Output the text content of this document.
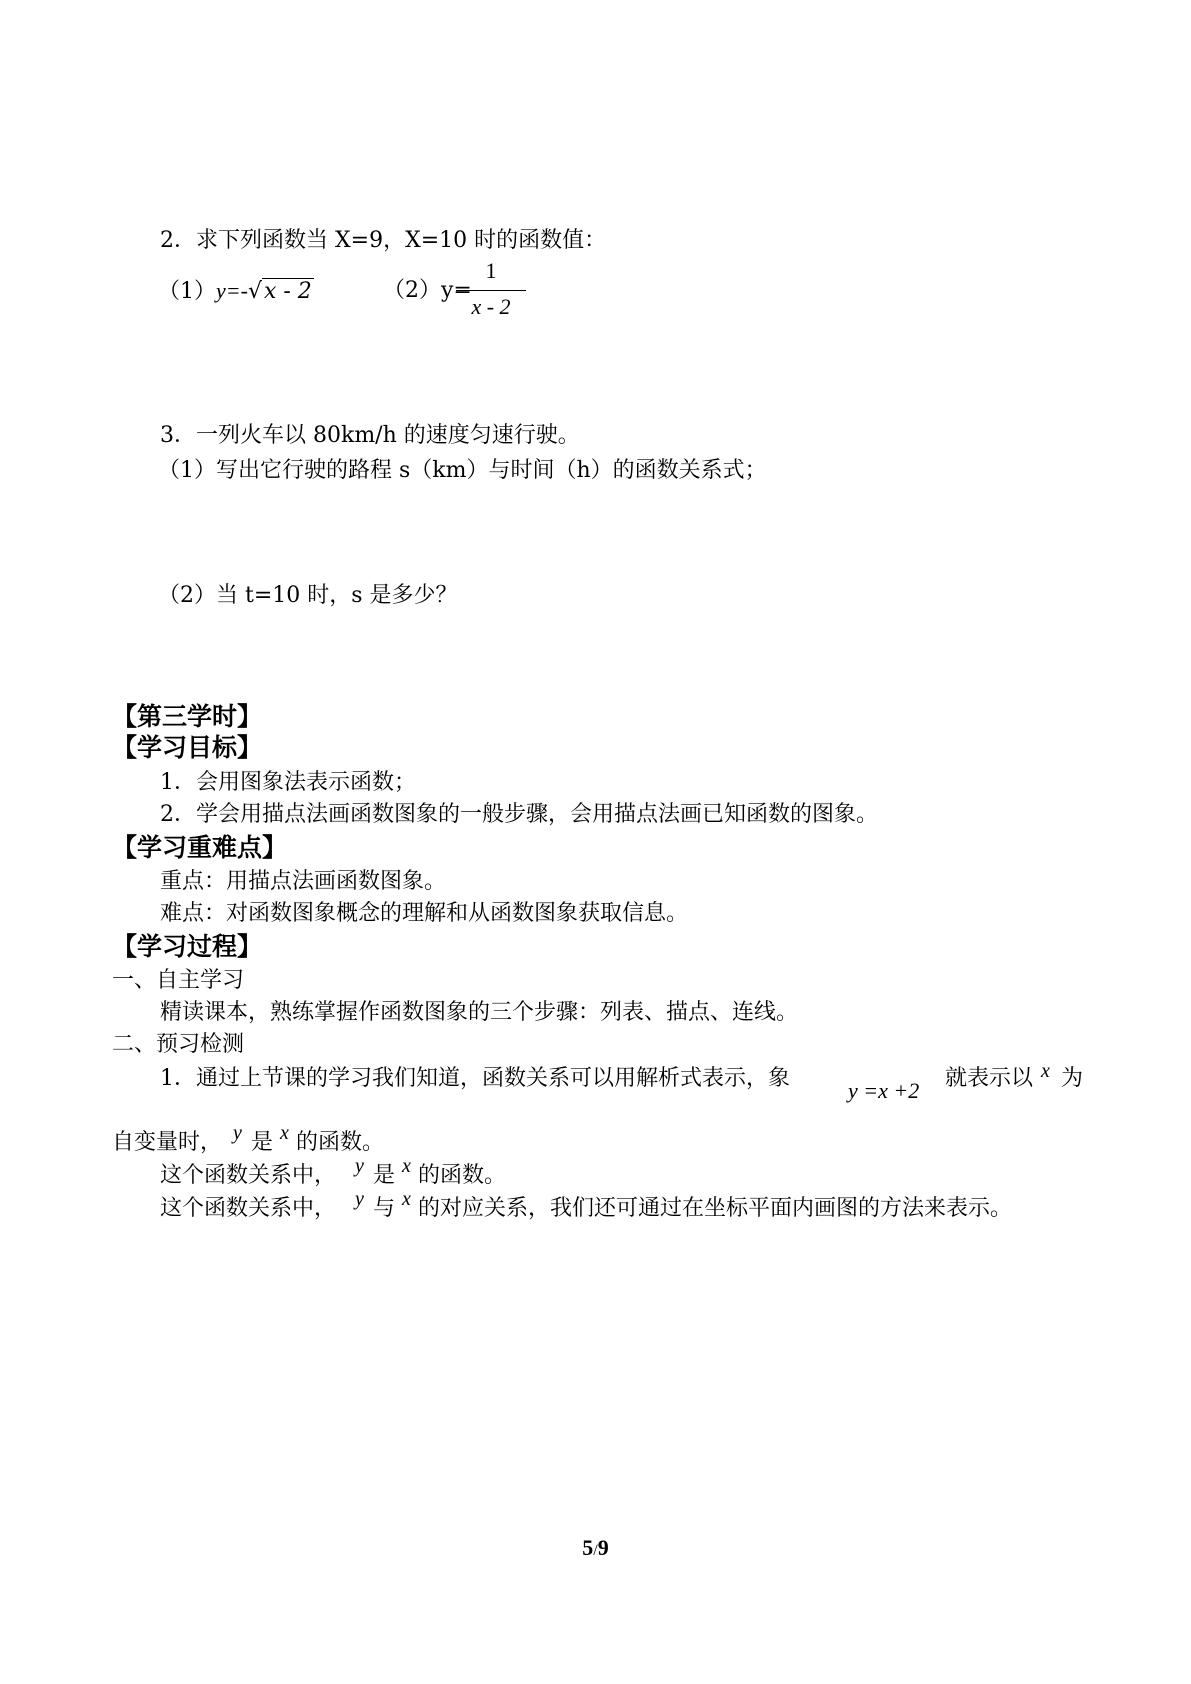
2．求下列函数当 X=9，X=10 时的函数值：
（1）y=-√x - 2	（2）y=
1
x - 2
3．一列火车以 80km/h 的速度匀速行驶。
（1）写出它行驶的路程 s（km）与时间（h）的函数关系式；
（2）当 t=10 时，s 是多少？
【第三学时】
【学习目标】
1．会用图象法表示函数；
2．学会用描点法画函数图象的一般步骤，会用描点法画已知函数的图象。
【学习重难点】
重点：用描点法画函数图象。
难点：对函数图象概念的理解和从函数图象获取信息。
【学习过程】
一、自主学习
精读课本，熟练掌握作函数图象的三个步骤：列表、描点、连线。
二、预习检测
1．通过上节课的学习我们知道，函数关系可以用解析式表示，象	y =x +2 就表示以 x 为
自变量时， y 是 x 的函数。
这个函数关系中， y 是 x 的函数。
这个函数关系中， y 与 x 的对应关系，我们还可通过在坐标平面内画图的方法来表示。
5/9
